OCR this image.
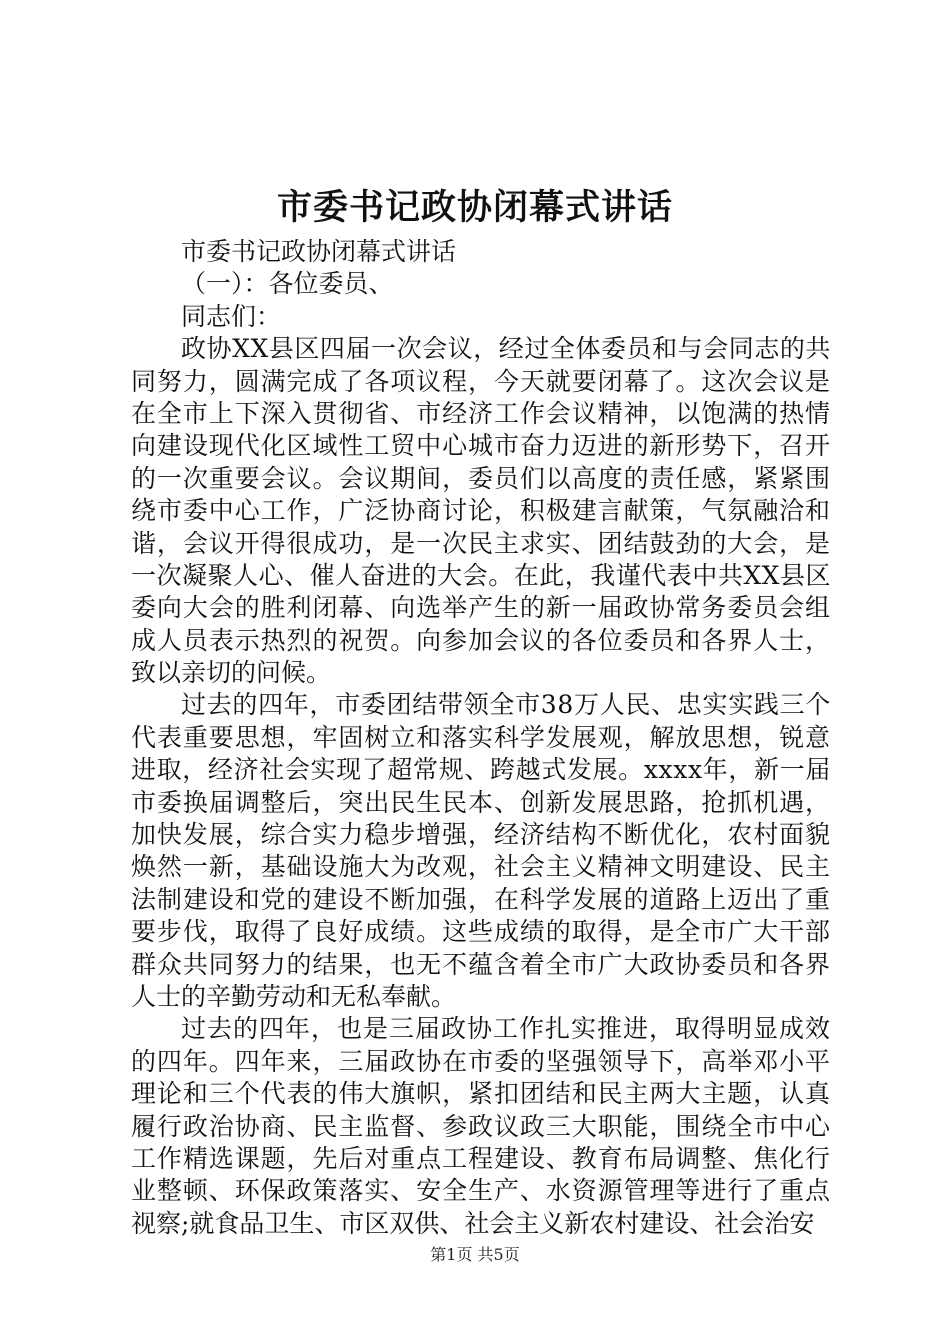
市委书记政协闭幕式讲话
市委书记政协闭幕式讲话
（一）：各位委员、
同志们：
政协XX县区四届一次会议，经过全体委员和与会同志的共
同努力，圆满完成了各项议程，今天就要闭幕了。这次会议是
在全市上下深入贯彻省、市经济工作会议精神，以饱满的热情
向建设现代化区域性工贸中心城市奋力迈进的新形势下，召开
的一次重要会议。会议期间，委员们以高度的责任感，紧紧围
绕市委中心工作，广泛协商讨论，积极建言献策，气氛融洽和
谐，会议开得很成功，是一次民主求实、团结鼓劲的大会，是
一次凝聚人心、催人奋进的大会。在此，我谨代表中共XX县区
委向大会的胜利闭幕、向选举产生的新一届政协常务委员会组
成人员表示热烈的祝贺。向参加会议的各位委员和各界人士，
致以亲切的问候。
过去的四年，市委团结带领全市38万人民、忠实实践三个
代表重要思想，牢固树立和落实科学发展观，解放思想，锐意
进取，经济社会实现了超常规、跨越式发展。xxxx年，新一届
市委换届调整后，突出民生民本、创新发展思路，抢抓机遇，
加快发展，综合实力稳步增强，经济结构不断优化，农村面貌
焕然一新，基础设施大为改观，社会主义精神文明建设、民主
法制建设和党的建设不断加强，在科学发展的道路上迈出了重
要步伐，取得了良好成绩。这些成绩的取得，是全市广大干部
群众共同努力的结果，也无不蕴含着全市广大政协委员和各界
人士的辛勤劳动和无私奉献。
过去的四年，也是三届政协工作扎实推进，取得明显成效
的四年。四年来，三届政协在市委的坚强领导下，高举邓小平
理论和三个代表的伟大旗帜，紧扣团结和民主两大主题，认真
履行政治协商、民主监督、参政议政三大职能，围绕全市中心
工作精选课题，先后对重点工程建设、教育布局调整、焦化行
业整顿、环保政策落实、安全生产、水资源管理等进行了重点
视察;就食品卫生、市区双供、社会主义新农村建设、社会治安
第1页 共5页
